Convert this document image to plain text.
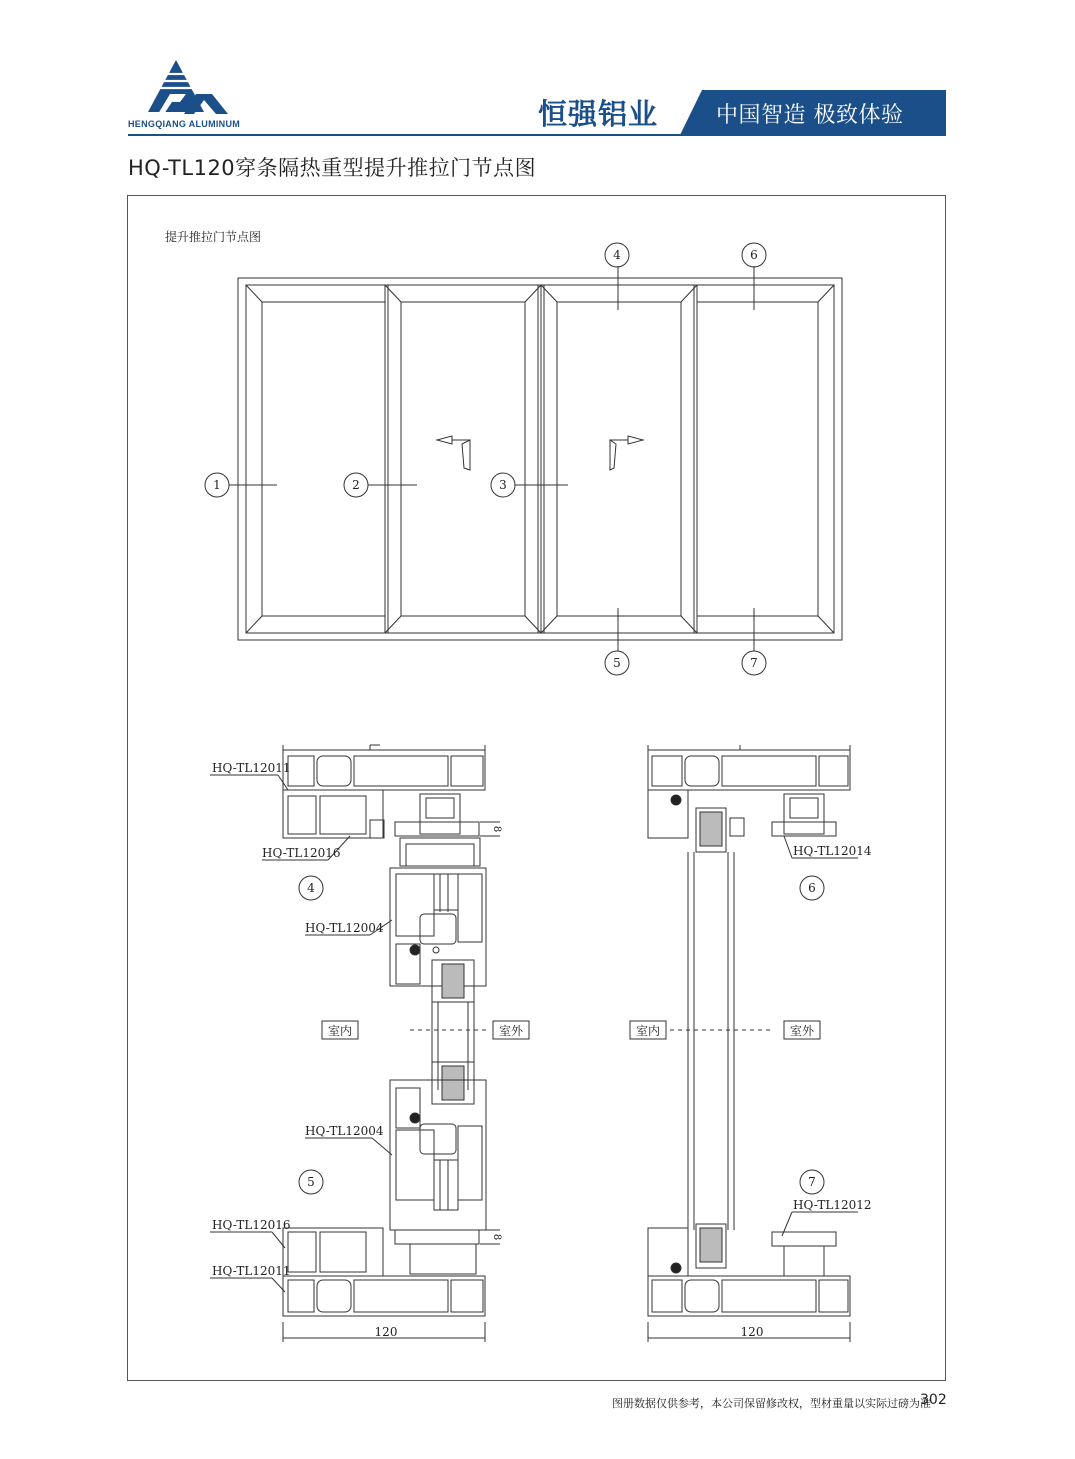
HENGQIANG ALUMINUM	恒强铝业	中国智造 极致体验
HQ-TL120穿条隔热重型提升推拉门节点图
提升推拉门节点图
1	2	3
4	6
5	7
4
5
6
7
HQ-TL12011
HQ-TL12016
HQ-TL12004
HQ-TL12004
HQ-TL12016
HQ-TL12011
HQ-TL12014
HQ-TL12012
室内	室外	室内	室外
120	120
8
8
图册数据仅供参考，本公司保留修改权，型材重量以实际过磅为准
302
